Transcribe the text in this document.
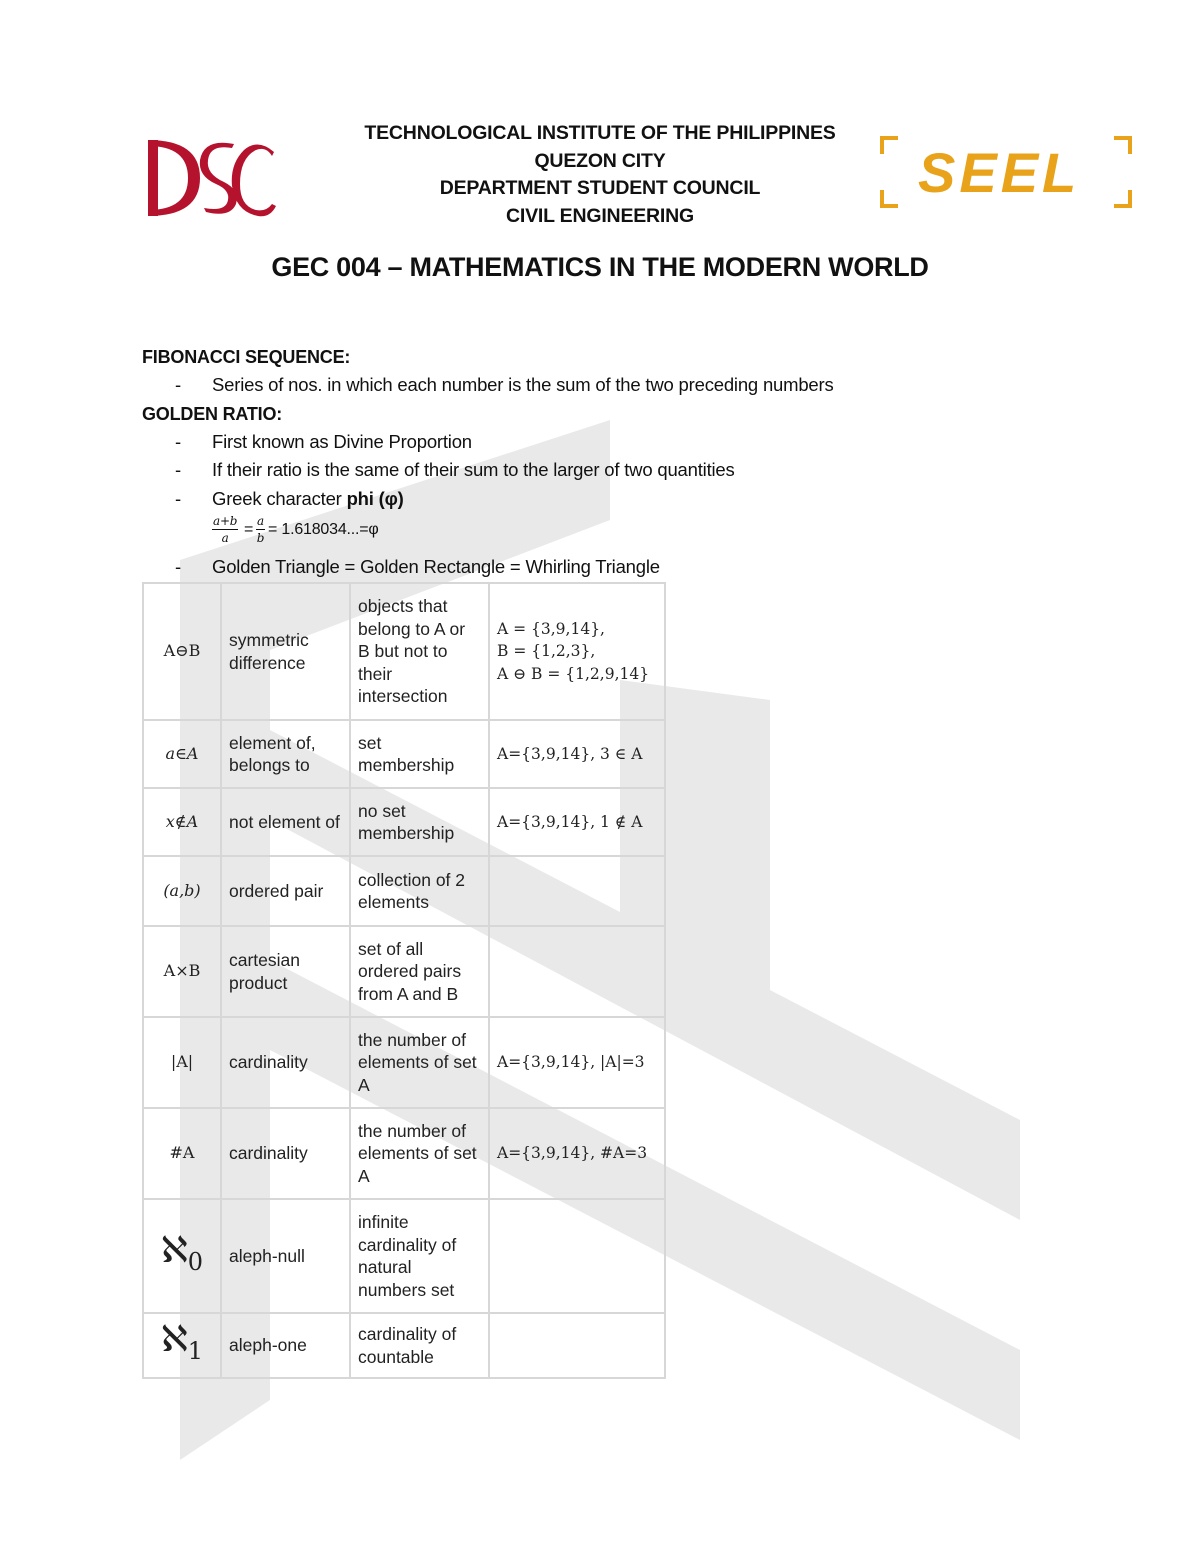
SEEL
TECHNOLOGICAL INSTITUTE OF THE PHILIPPINES
QUEZON CITY
DEPARTMENT STUDENT COUNCIL
CIVIL ENGINEERING
GEC 004 – MATHEMATICS IN THE MODERN WORLD
FIBONACCI SEQUENCE:
- Series of nos. in which each number is the sum of the two preceding numbers
GOLDEN RATIO:
- First known as Divine Proportion
- If their ratio is the same of their sum to the larger of two quantities
- Greek character phi (φ)
$\frac{a+b}{a} = \frac{a}{b} = 1.618034...=\varphi$
- Golden Triangle = Golden Rectangle = Whirling Triangle
A⊖B	symmetric difference	objects that belong to A or B but not to their intersection	A = {3,9,14},
B = {1,2,3},
A ⊖ B = {1,2,9,14}
a∈A	element of, belongs to	set membership	A={3,9,14}, 3 ∈ A
x∉A	not element of	no set membership	A={3,9,14}, 1 ∉ A
(a,b)	ordered pair	collection of 2 elements	
A×B	cartesian product	set of all ordered pairs from A and B	
|A|	cardinality	the number of elements of set A	A={3,9,14}, |A|=3
#A	cardinality	the number of elements of set A	A={3,9,14}, #A=3
ℵ$_0$	aleph-null	infinite cardinality of natural numbers set	
ℵ$_1$	aleph-one	cardinality of countable	
